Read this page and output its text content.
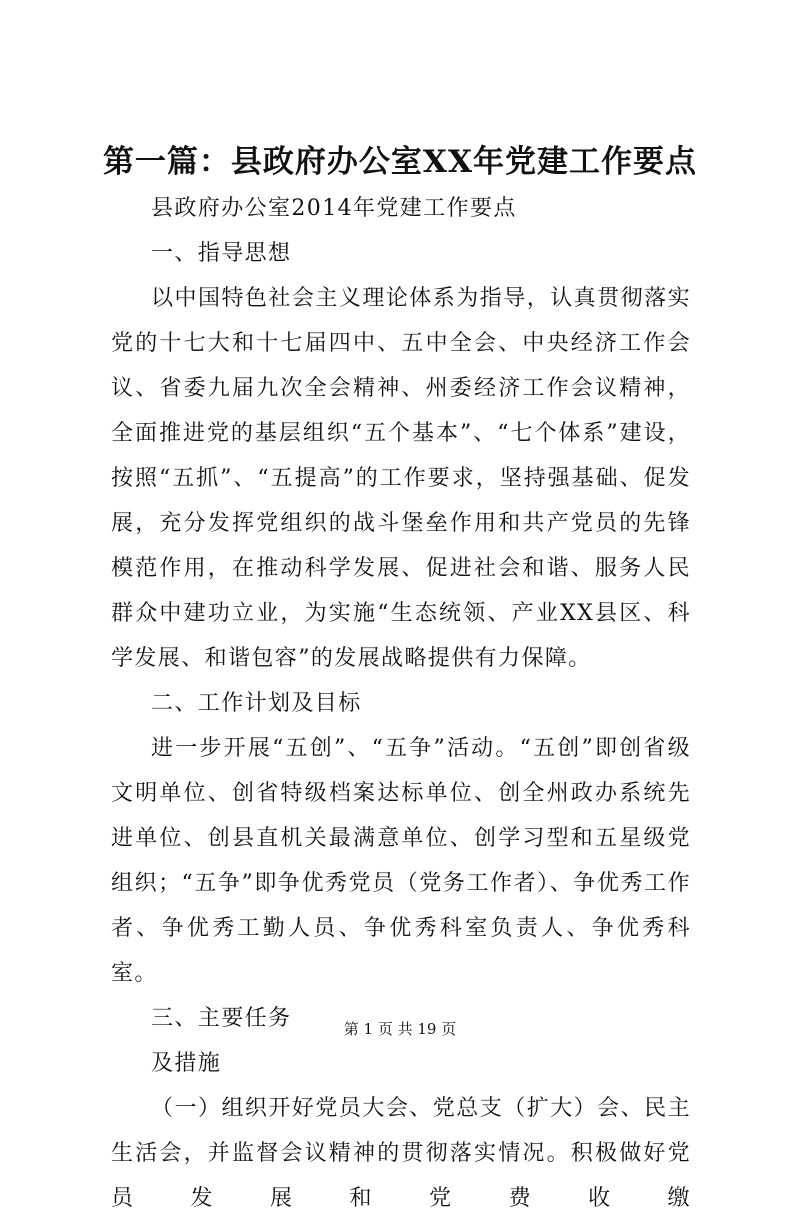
第一篇：县政府办公室XX年党建工作要点

县政府办公室2014年党建工作要点

一、指导思想

以中国特色社会主义理论体系为指导，认真贯彻落实党的十七大和十七届四中、五中全会、中央经济工作会议、省委九届九次全会精神、州委经济工作会议精神，全面推进党的基层组织“五个基本”、“七个体系”建设，按照“五抓”、“五提高”的工作要求，坚持强基础、促发展，充分发挥党组织的战斗堡垒作用和共产党员的先锋模范作用，在推动科学发展、促进社会和谐、服务人民群众中建功立业，为实施“生态统领、产业XX县区、科学发展、和谐包容”的发展战略提供有力保障。

二、工作计划及目标

进一步开展“五创”、“五争”活动。“五创”即创省级文明单位、创省特级档案达标单位、创全州政办系统先进单位、创县直机关最满意单位、创学习型和五星级党组织；“五争”即争优秀党员（党务工作者）、争优秀工作者、争优秀工勤人员、争优秀科室负责人、争优秀科室。

三、主要任务

及措施

（一）组织开好党员大会、党总支（扩大）会、民主生活会，并监督会议精神的贯彻落实情况。积极做好党员发展和党费收缴

第 1 页 共 19 页
